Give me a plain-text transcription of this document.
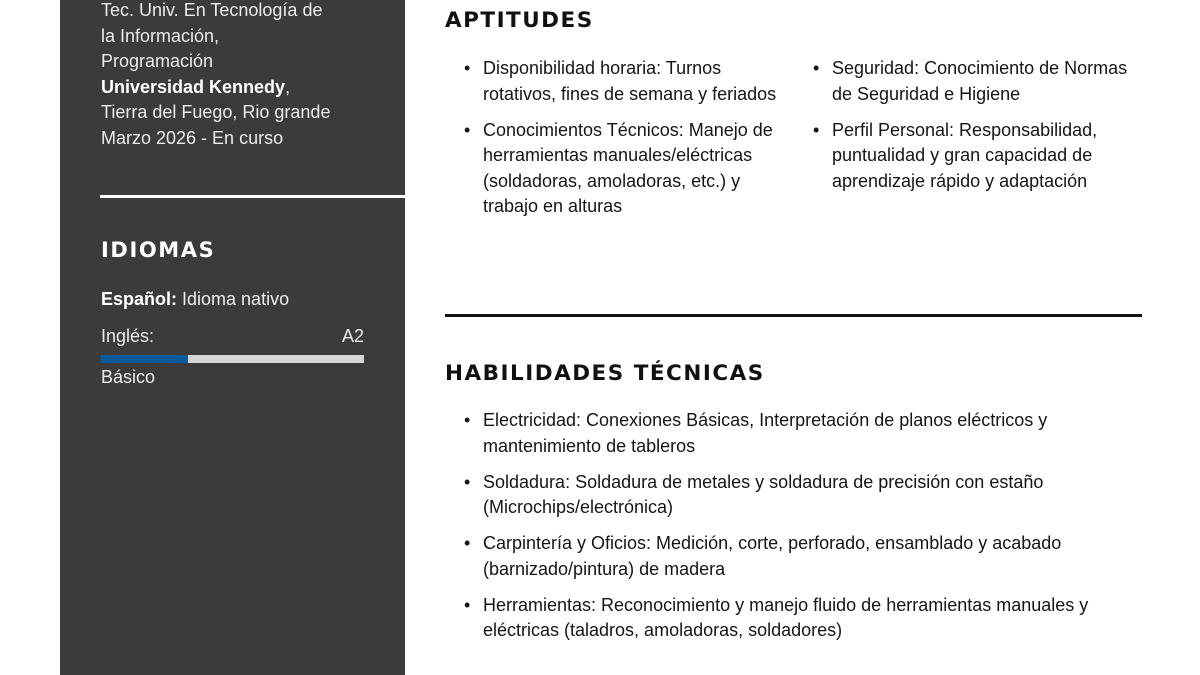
Tec. Univ. En Tecnología de
la Información,
Programación
Universidad Kennedy,
Tierra del Fuego, Rio grande
Marzo 2026 - En curso
IDIOMAS
Español: Idioma nativo
Inglés:	A2
Básico
APTITUDES
• Disponibilidad horaria: Turnos rotativos, fines de semana y feriados
• Conocimientos Técnicos: Manejo de herramientas manuales/eléctricas (soldadoras, amoladoras, etc.) y trabajo en alturas
• Seguridad: Conocimiento de Normas de Seguridad e Higiene
• Perfil Personal: Responsabilidad, puntualidad y gran capacidad de aprendizaje rápido y adaptación
HABILIDADES TÉCNICAS
• Electricidad: Conexiones Básicas, Interpretación de planos eléctricos y mantenimiento de tableros
• Soldadura: Soldadura de metales y soldadura de precisión con estaño (Microchips/electrónica)
• Carpintería y Oficios: Medición, corte, perforado, ensamblado y acabado (barnizado/pintura) de madera
• Herramientas: Reconocimiento y manejo fluido de herramientas manuales y eléctricas (taladros, amoladoras, soldadores)
